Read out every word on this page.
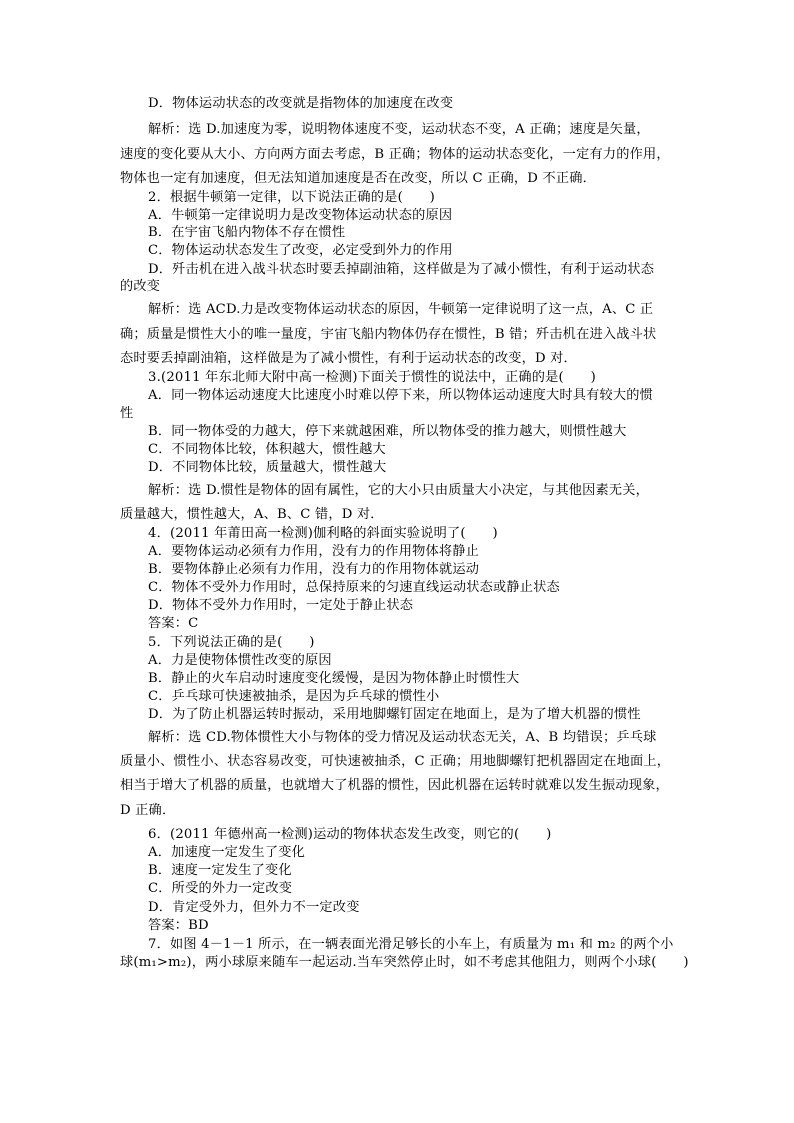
D．物体运动状态的改变就是指物体的加速度在改变
解析：选 D.加速度为零，说明物体速度不变，运动状态不变，A 正确；速度是矢量，
速度的变化要从大小、方向两方面去考虑，B 正确；物体的运动状态变化，一定有力的作用，
物体也一定有加速度，但无法知道加速度是否在改变，所以 C 正确，D 不正确．
2．根据牛顿第一定律，以下说法正确的是(　　)
A．牛顿第一定律说明力是改变物体运动状态的原因
B．在宇宙飞船内物体不存在惯性
C．物体运动状态发生了改变，必定受到外力的作用
D．歼击机在进入战斗状态时要丢掉副油箱，这样做是为了减小惯性，有利于运动状态
的改变
解析：选 ACD.力是改变物体运动状态的原因，牛顿第一定律说明了这一点，A、C 正
确；质量是惯性大小的唯一量度，宇宙飞船内物体仍存在惯性，B 错；歼击机在进入战斗状
态时要丢掉副油箱，这样做是为了减小惯性，有利于运动状态的改变，D 对．
3.(2011 年东北师大附中高一检测)下面关于惯性的说法中，正确的是(　　)
A．同一物体运动速度大比速度小时难以停下来，所以物体运动速度大时具有较大的惯
性
B．同一物体受的力越大，停下来就越困难，所以物体受的推力越大，则惯性越大
C．不同物体比较，体积越大，惯性越大
D．不同物体比较，质量越大，惯性越大
解析：选 D.惯性是物体的固有属性，它的大小只由质量大小决定，与其他因素无关，
质量越大，惯性越大，A、B、C 错，D 对．
4．(2011 年莆田高一检测)伽利略的斜面实验说明了(　　)
A．要物体运动必须有力作用，没有力的作用物体将静止
B．要物体静止必须有力作用，没有力的作用物体就运动
C．物体不受外力作用时，总保持原来的匀速直线运动状态或静止状态
D．物体不受外力作用时，一定处于静止状态
答案：C
5．下列说法正确的是(　　)
A．力是使物体惯性改变的原因
B．静止的火车启动时速度变化缓慢，是因为物体静止时惯性大
C．乒乓球可快速被抽杀，是因为乒乓球的惯性小
D．为了防止机器运转时振动，采用地脚螺钉固定在地面上，是为了增大机器的惯性
解析：选 CD.物体惯性大小与物体的受力情况及运动状态无关，A、B 均错误；乒乓球
质量小、惯性小、状态容易改变，可快速被抽杀，C 正确；用地脚螺钉把机器固定在地面上，
相当于增大了机器的质量，也就增大了机器的惯性，因此机器在运转时就难以发生振动现象，
D 正确．
6．(2011 年德州高一检测)运动的物体状态发生改变，则它的(　　)
A．加速度一定发生了变化
B．速度一定发生了变化
C．所受的外力一定改变
D．肯定受外力，但外力不一定改变
答案：BD
7．如图 4－1－1 所示，在一辆表面光滑足够长的小车上，有质量为 m₁ 和 m₂ 的两个小
球(m₁>m₂)，两小球原来随车一起运动.当车突然停止时，如不考虑其他阻力，则两个小球(　　)
